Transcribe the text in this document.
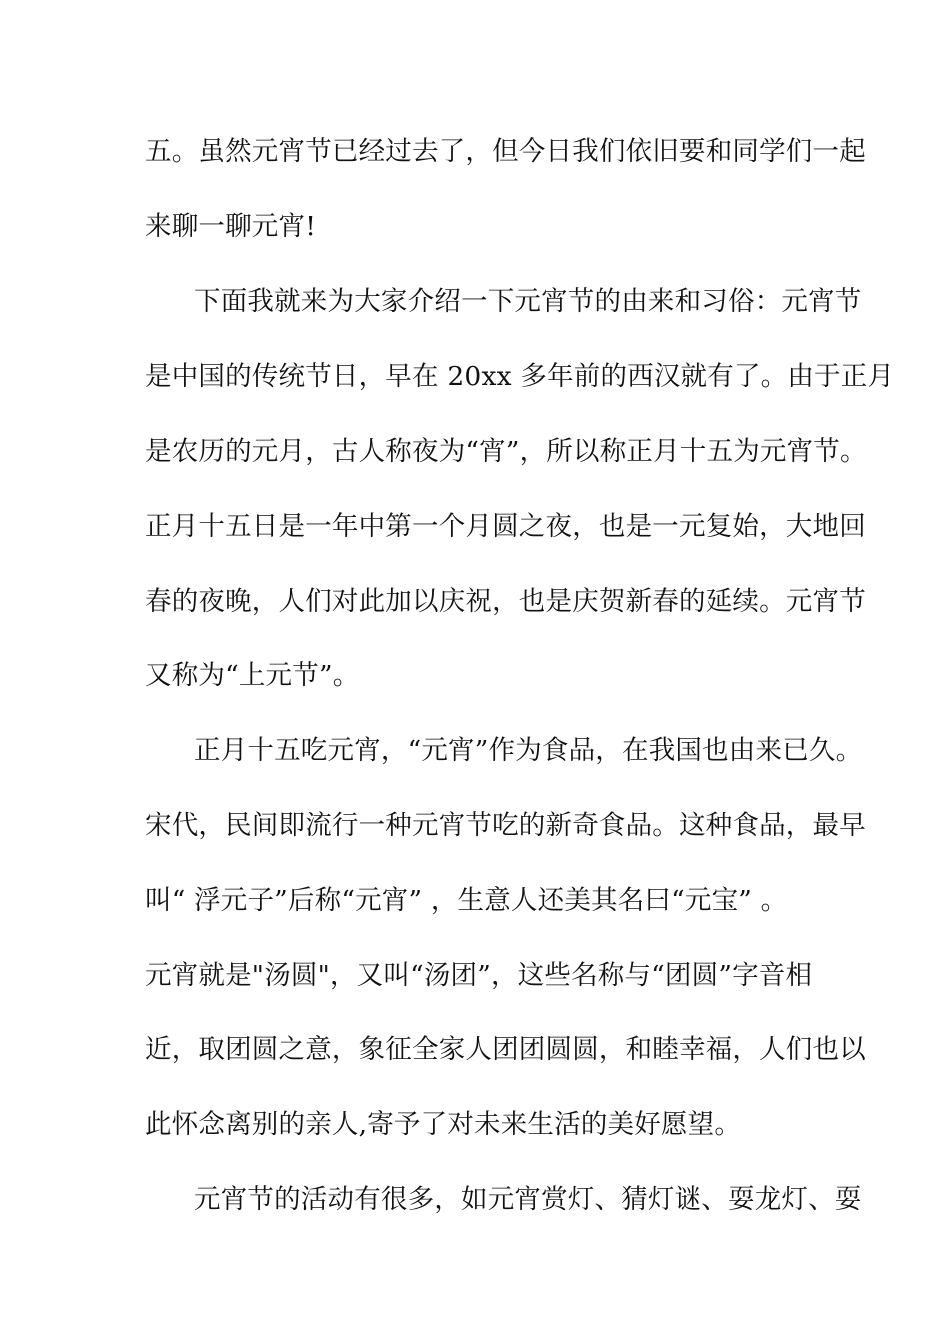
五。虽然元宵节已经过去了，但今日我们依旧要和同学们一起
来聊一聊元宵!
下面我就来为大家介绍一下元宵节的由来和习俗：元宵节
是中国的传统节日，早在 20xx 多年前的西汉就有了。由于正月
是农历的元月，古人称夜为“宵”，所以称正月十五为元宵节。
正月十五日是一年中第一个月圆之夜，也是一元复始，大地回
春的夜晚，人们对此加以庆祝，也是庆贺新春的延续。元宵节
又称为“上元节”。
正月十五吃元宵，“元宵”作为食品，在我国也由来已久。
宋代，民间即流行一种元宵节吃的新奇食品。这种食品，最早
叫“ 浮元子”后称“元宵” ，生意人还美其名曰“元宝” 。
元宵就是"汤圆"，又叫“汤团”，这些名称与“团圆”字音相
近，取团圆之意，象征全家人团团圆圆，和睦幸福，人们也以
此怀念离别的亲人,寄予了对未来生活的美好愿望。
元宵节的活动有很多，如元宵赏灯、猜灯谜、耍龙灯、耍
